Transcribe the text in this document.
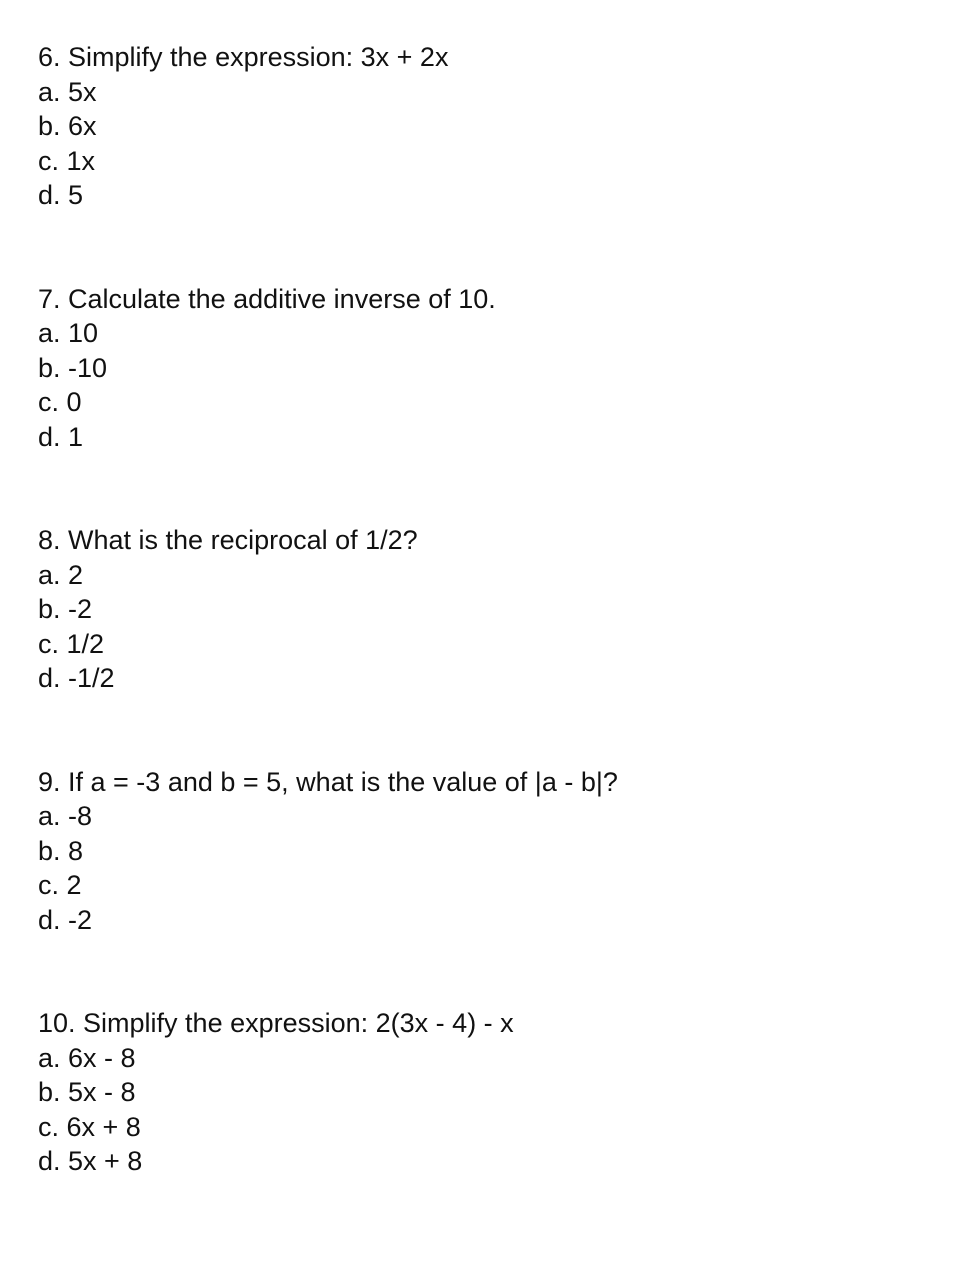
6. Simplify the expression: 3x + 2x
a. 5x
b. 6x
c. 1x
d. 5
7. Calculate the additive inverse of 10.
a. 10
b. -10
c. 0
d. 1
8. What is the reciprocal of 1/2?
a. 2
b. -2
c. 1/2
d. -1/2
9. If a = -3 and b = 5, what is the value of |a - b|?
a. -8
b. 8
c. 2
d. -2
10. Simplify the expression: 2(3x - 4) - x
a. 6x - 8
b. 5x - 8
c. 6x + 8
d. 5x + 8
